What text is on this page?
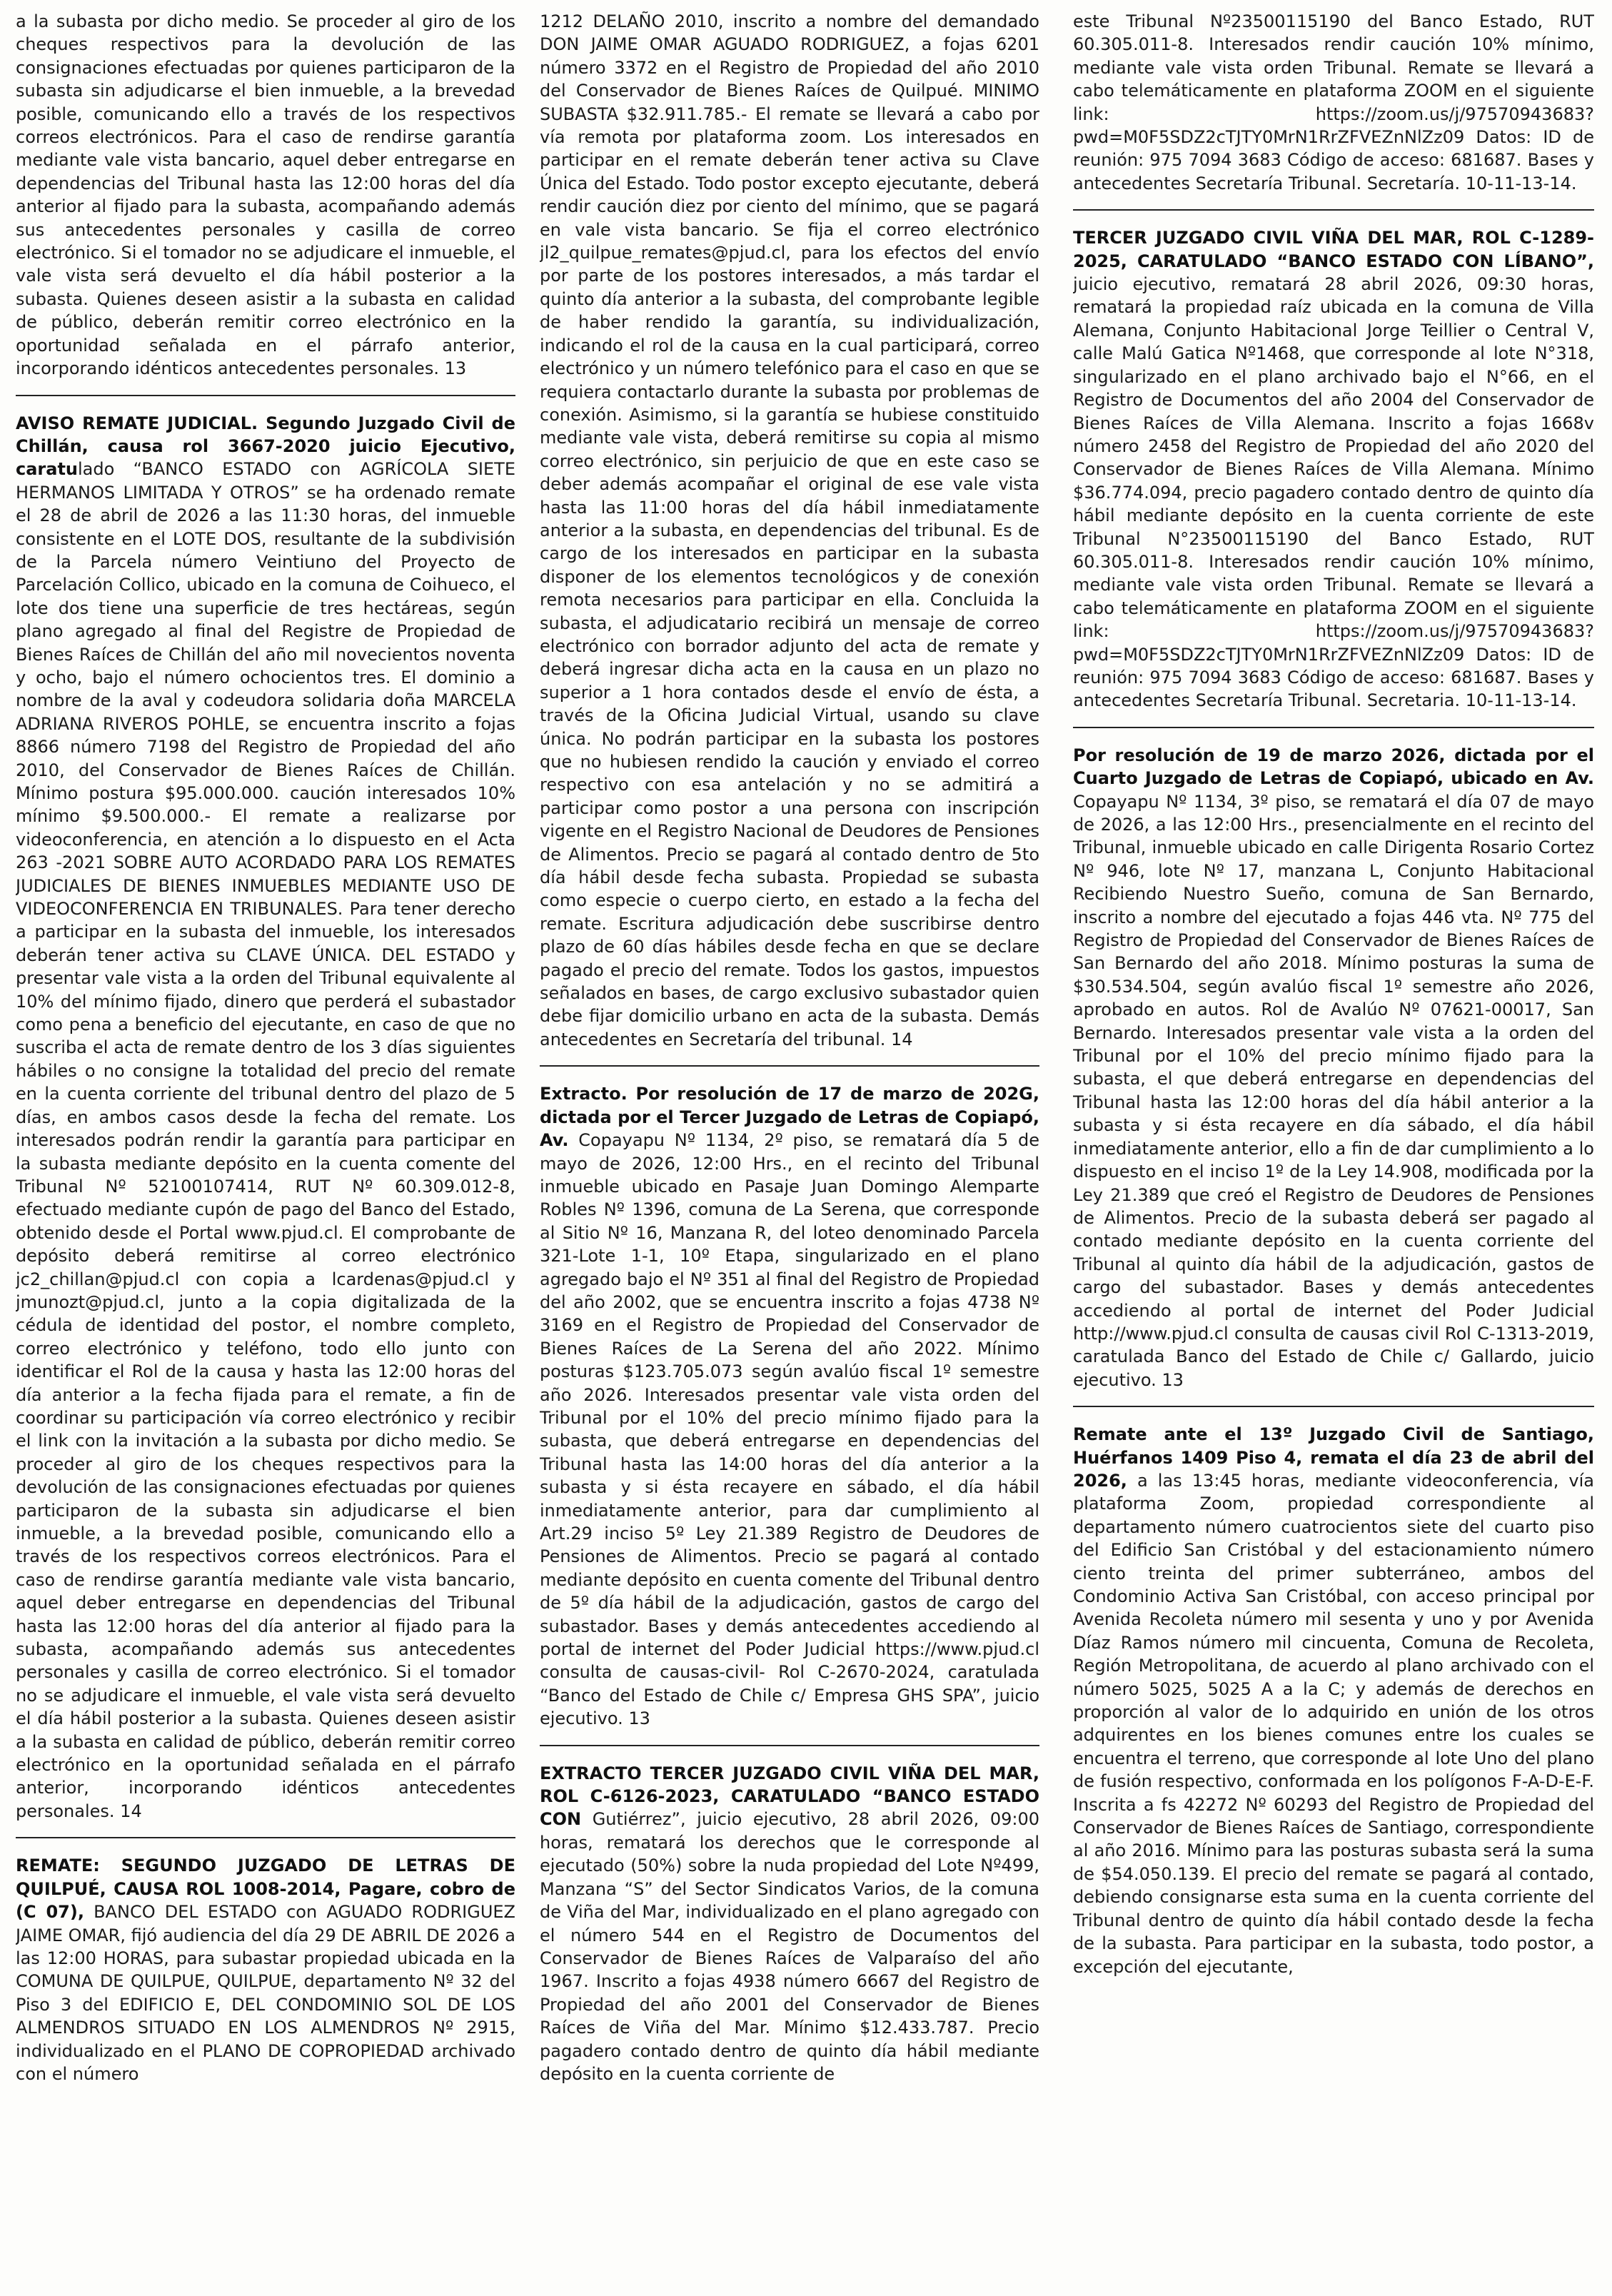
a la subasta por dicho medio. Se proceder al giro de los cheques respectivos para la devolución de las consignaciones efectuadas por quienes participaron de la subasta sin adjudicarse el bien inmueble, a la brevedad posible, comunicando ello a través de los respectivos correos electrónicos. Para el caso de rendirse garantía mediante vale vista bancario, aquel deber entregarse en dependencias del Tribunal hasta las 12:00 horas del día anterior al fijado para la subasta, acompañando además sus antecedentes personales y casilla de correo electrónico. Si el tomador no se adjudicare el inmueble, el vale vista será devuelto el día hábil posterior a la subasta. Quienes deseen asistir a la subasta en calidad de público, deberán remitir correo electrónico en la oportunidad señalada en el párrafo anterior, incorporando idénticos antecedentes personales. 13

AVISO REMATE JUDICIAL. Segundo Juzgado Civil de Chillán, causa rol 3667-2020 juicio Ejecutivo, caratulado “BANCO ESTADO con AGRÍCOLA SIETE HERMANOS LIMITADA Y OTROS” se ha ordenado remate el 28 de abril de 2026 a las 11:30 horas, del inmueble consistente en el LOTE DOS, resultante de la subdivisión de la Parcela número Veintiuno del Proyecto de Parcelación Collico, ubicado en la comuna de Coihueco, el lote dos tiene una superficie de tres hectáreas, según plano agregado al final del Registre de Propiedad de Bienes Raíces de Chillán del año mil novecientos noventa y ocho, bajo el número ochocientos tres. El dominio a nombre de la aval y codeudora solidaria doña MARCELA ADRIANA RIVEROS POHLE, se encuentra inscrito a fojas 8866 número 7198 del Registro de Propiedad del año 2010, del Conservador de Bienes Raíces de Chillán. Mínimo postura $95.000.000. caución interesados 10% mínimo $9.500.000.- El remate a realizarse por videoconferencia, en atención a lo dispuesto en el Acta 263 -2021 SOBRE AUTO ACORDADO PARA LOS REMATES JUDICIALES DE BIENES INMUEBLES MEDIANTE USO DE VIDEOCONFERENCIA EN TRIBUNALES. Para tener derecho a participar en la subasta del inmueble, los interesados deberán tener activa su CLAVE ÚNICA. DEL ESTADO y presentar vale vista a la orden del Tribunal equivalente al 10% del mínimo fijado, dinero que perderá el subastador como pena a beneficio del ejecutante, en caso de que no suscriba el acta de remate dentro de los 3 días siguientes hábiles o no consigne la totalidad del precio del remate en la cuenta corriente del tribunal dentro del plazo de 5 días, en ambos casos desde la fecha del remate. Los interesados podrán rendir la garantía para participar en la subasta mediante depósito en la cuenta comente del Tribunal Nº 52100107414, RUT Nº 60.309.012-8, efectuado mediante cupón de pago del Banco del Estado, obtenido desde el Portal www.pjud.cl. El comprobante de depósito deberá remitirse al correo electrónico jc2_chillan@pjud.cl con copia a lcardenas@pjud.cl y jmunozt@pjud.cl, junto a la copia digitalizada de la cédula de identidad del postor, el nombre completo, correo electrónico y teléfono, todo ello junto con identificar el Rol de la causa y hasta las 12:00 horas del día anterior a la fecha fijada para el remate, a fin de coordinar su participación vía correo electrónico y recibir el link con la invitación a la subasta por dicho medio. Se proceder al giro de los cheques respectivos para la devolución de las consignaciones efectuadas por quienes participaron de la subasta sin adjudicarse el bien inmueble, a la brevedad posible, comunicando ello a través de los respectivos correos electrónicos. Para el caso de rendirse garantía mediante vale vista bancario, aquel deber entregarse en dependencias del Tribunal hasta las 12:00 horas del día anterior al fijado para la subasta, acompañando además sus antecedentes personales y casilla de correo electrónico. Si el tomador no se adjudicare el inmueble, el vale vista será devuelto el día hábil posterior a la subasta. Quienes deseen asistir a la subasta en calidad de público, deberán remitir correo electrónico en la oportunidad señalada en el párrafo anterior, incorporando idénticos antecedentes personales. 14

REMATE: SEGUNDO JUZGADO DE LETRAS DE QUILPUÉ, CAUSA ROL 1008-2014, Pagare, cobro de (C 07), BANCO DEL ESTADO con AGUADO RODRIGUEZ JAIME OMAR, fijó audiencia del día 29 DE ABRIL DE 2026 a las 12:00 HORAS, para subastar propiedad ubicada en la COMUNA DE QUILPUE, QUILPUE, departamento Nº 32 del Piso 3 del EDIFICIO E, DEL CONDOMINIO SOL DE LOS ALMENDROS SITUADO EN LOS ALMENDROS Nº 2915, individualizado en el PLANO DE COPROPIEDAD archivado con el número

1212 DELAÑO 2010, inscrito a nombre del demandado DON JAIME OMAR AGUADO RODRIGUEZ, a fojas 6201 número 3372 en el Registro de Propiedad del año 2010 del Conservador de Bienes Raíces de Quilpué. MINIMO SUBASTA $32.911.785.- El remate se llevará a cabo por vía remota por plataforma zoom. Los interesados en participar en el remate deberán tener activa su Clave Única del Estado. Todo postor excepto ejecutante, deberá rendir caución diez por ciento del mínimo, que se pagará en vale vista bancario. Se fija el correo electrónico jl2_quilpue_remates@pjud.cl, para los efectos del envío por parte de los postores interesados, a más tardar el quinto día anterior a la subasta, del comprobante legible de haber rendido la garantía, su individualización, indicando el rol de la causa en la cual participará, correo electrónico y un número telefónico para el caso en que se requiera contactarlo durante la subasta por problemas de conexión. Asimismo, si la garantía se hubiese constituido mediante vale vista, deberá remitirse su copia al mismo correo electrónico, sin perjuicio de que en este caso se deber además acompañar el original de ese vale vista hasta las 11:00 horas del día hábil inmediatamente anterior a la subasta, en dependencias del tribunal. Es de cargo de los interesados en participar en la subasta disponer de los elementos tecnológicos y de conexión remota necesarios para participar en ella. Concluida la subasta, el adjudicatario recibirá un mensaje de correo electrónico con borrador adjunto del acta de remate y deberá ingresar dicha acta en la causa en un plazo no superior a 1 hora contados desde el envío de ésta, a través de la Oficina Judicial Virtual, usando su clave única. No podrán participar en la subasta los postores que no hubiesen rendido la caución y enviado el correo respectivo con esa antelación y no se admitirá a participar como postor a una persona con inscripción vigente en el Registro Nacional de Deudores de Pensiones de Alimentos. Precio se pagará al contado dentro de 5to día hábil desde fecha subasta. Propiedad se subasta como especie o cuerpo cierto, en estado a la fecha del remate. Escritura adjudicación debe suscribirse dentro plazo de 60 días hábiles desde fecha en que se declare pagado el precio del remate. Todos los gastos, impuestos señalados en bases, de cargo exclusivo subastador quien debe fijar domicilio urbano en acta de la subasta. Demás antecedentes en Secretaría del tribunal. 14

Extracto. Por resolución de 17 de marzo de 202G, dictada por el Tercer Juzgado de Letras de Copiapó, Av. Copayapu Nº 1134, 2º piso, se rematará día 5 de mayo de 2026, 12:00 Hrs., en el recinto del Tribunal inmueble ubicado en Pasaje Juan Domingo Alemparte Robles Nº 1396, comuna de La Serena, que corresponde al Sitio Nº 16, Manzana R, del loteo denominado Parcela 321-Lote 1-1, 10º Etapa, singularizado en el plano agregado bajo el Nº 351 al final del Registro de Propiedad del año 2002, que se encuentra inscrito a fojas 4738 Nº 3169 en el Registro de Propiedad del Conservador de Bienes Raíces de La Serena del año 2022. Mínimo posturas $123.705.073 según avalúo fiscal 1º semestre año 2026. Interesados presentar vale vista orden del Tribunal por el 10% del precio mínimo fijado para la subasta, que deberá entregarse en dependencias del Tribunal hasta las 14:00 horas del día anterior a la subasta y si ésta recayere en sábado, el día hábil inmediatamente anterior, para dar cumplimiento al Art.29 inciso 5º Ley 21.389 Registro de Deudores de Pensiones de Alimentos. Precio se pagará al contado mediante depósito en cuenta comente del Tribunal dentro de 5º día hábil de la adjudicación, gastos de cargo del subastador. Bases y demás antecedentes accediendo al portal de internet del Poder Judicial https://www.pjud.cl consulta de causas-civil- Rol C-2670-2024, caratulada “Banco del Estado de Chile c/ Empresa GHS SPA”, juicio ejecutivo. 13

EXTRACTO TERCER JUZGADO CIVIL VIÑA DEL MAR, ROL C-6126-2023, CARATULADO “BANCO ESTADO CON Gutiérrez”, juicio ejecutivo, 28 abril 2026, 09:00 horas, rematará los derechos que le corresponde al ejecutado (50%) sobre la nuda propiedad del Lote Nº499, Manzana “S” del Sector Sindicatos Varios, de la comuna de Viña del Mar, individualizado en el plano agregado con el número 544 en el Registro de Documentos del Conservador de Bienes Raíces de Valparaíso del año 1967. Inscrito a fojas 4938 número 6667 del Registro de Propiedad del año 2001 del Conservador de Bienes Raíces de Viña del Mar. Mínimo $12.433.787. Precio pagadero contado dentro de quinto día hábil mediante depósito en la cuenta corriente de

este Tribunal Nº23500115190 del Banco Estado, RUT 60.305.011-8. Interesados rendir caución 10% mínimo, mediante vale vista orden Tribunal. Remate se llevará a cabo telemáticamente en plataforma ZOOM en el siguiente link: https://zoom.us/j/97570943683?pwd=M0F5SDZ2cTJTY0MrN1RrZFVEZnNlZz09 Datos: ID de reunión: 975 7094 3683 Código de acceso: 681687. Bases y antecedentes Secretaría Tribunal. Secretaría. 10-11-13-14.

TERCER JUZGADO CIVIL VIÑA DEL MAR, ROL C-1289-2025, CARATULADO “BANCO ESTADO CON LÍBANO”, juicio ejecutivo, rematará 28 abril 2026, 09:30 horas, rematará la propiedad raíz ubicada en la comuna de Villa Alemana, Conjunto Habitacional Jorge Teillier o Central V, calle Malú Gatica Nº1468, que corresponde al lote N°318, singularizado en el plano archivado bajo el N°66, en el Registro de Documentos del año 2004 del Conservador de Bienes Raíces de Villa Alemana. Inscrito a fojas 1668v número 2458 del Registro de Propiedad del año 2020 del Conservador de Bienes Raíces de Villa Alemana. Mínimo $36.774.094, precio pagadero contado dentro de quinto día hábil mediante depósito en la cuenta corriente de este Tribunal N°23500115190 del Banco Estado, RUT 60.305.011-8. Interesados rendir caución 10% mínimo, mediante vale vista orden Tribunal. Remate se llevará a cabo telemáticamente en plataforma ZOOM en el siguiente link: https://zoom.us/j/97570943683?pwd=M0F5SDZ2cTJTY0MrN1RrZFVEZnNlZz09 Datos: ID de reunión: 975 7094 3683 Código de acceso: 681687. Bases y antecedentes Secretaría Tribunal. Secretaria. 10-11-13-14.

Por resolución de 19 de marzo 2026, dictada por el Cuarto Juzgado de Letras de Copiapó, ubicado en Av. Copayapu Nº 1134, 3º piso, se rematará el día 07 de mayo de 2026, a las 12:00 Hrs., presencialmente en el recinto del Tribunal, inmueble ubicado en calle Dirigenta Rosario Cortez Nº 946, lote Nº 17, manzana L, Conjunto Habitacional Recibiendo Nuestro Sueño, comuna de San Bernardo, inscrito a nombre del ejecutado a fojas 446 vta. Nº 775 del Registro de Propiedad del Conservador de Bienes Raíces de San Bernardo del año 2018. Mínimo posturas la suma de $30.534.504, según avalúo fiscal 1º semestre año 2026, aprobado en autos. Rol de Avalúo Nº 07621-00017, San Bernardo. Interesados presentar vale vista a la orden del Tribunal por el 10% del precio mínimo fijado para la subasta, el que deberá entregarse en dependencias del Tribunal hasta las 12:00 horas del día hábil anterior a la subasta y si ésta recayere en día sábado, el día hábil inmediatamente anterior, ello a fin de dar cumplimiento a lo dispuesto en el inciso 1º de la Ley 14.908, modificada por la Ley 21.389 que creó el Registro de Deudores de Pensiones de Alimentos. Precio de la subasta deberá ser pagado al contado mediante depósito en la cuenta corriente del Tribunal al quinto día hábil de la adjudicación, gastos de cargo del subastador. Bases y demás antecedentes accediendo al portal de internet del Poder Judicial http://www.pjud.cl consulta de causas civil Rol C-1313-2019, caratulada Banco del Estado de Chile c/ Gallardo, juicio ejecutivo. 13

Remate ante el 13º Juzgado Civil de Santiago, Huérfanos 1409 Piso 4, remata el día 23 de abril del 2026, a las 13:45 horas, mediante videoconferencia, vía plataforma Zoom, propiedad correspondiente al departamento número cuatrocientos siete del cuarto piso del Edificio San Cristóbal y del estacionamiento número ciento treinta del primer subterráneo, ambos del Condominio Activa San Cristóbal, con acceso principal por Avenida Recoleta número mil sesenta y uno y por Avenida Díaz Ramos número mil cincuenta, Comuna de Recoleta, Región Metropolitana, de acuerdo al plano archivado con el número 5025, 5025 A a la C; y además de derechos en proporción al valor de lo adquirido en unión de los otros adquirentes en los bienes comunes entre los cuales se encuentra el terreno, que corresponde al lote Uno del plano de fusión respectivo, conformada en los polígonos F-A-D-E-F. Inscrita a fs 42272 Nº 60293 del Registro de Propiedad del Conservador de Bienes Raíces de Santiago, correspondiente al año 2016. Mínimo para las posturas subasta será la suma de $54.050.139. El precio del remate se pagará al contado, debiendo consignarse esta suma en la cuenta corriente del Tribunal dentro de quinto día hábil contado desde la fecha de la subasta. Para participar en la subasta, todo postor, a excepción del ejecutante,
